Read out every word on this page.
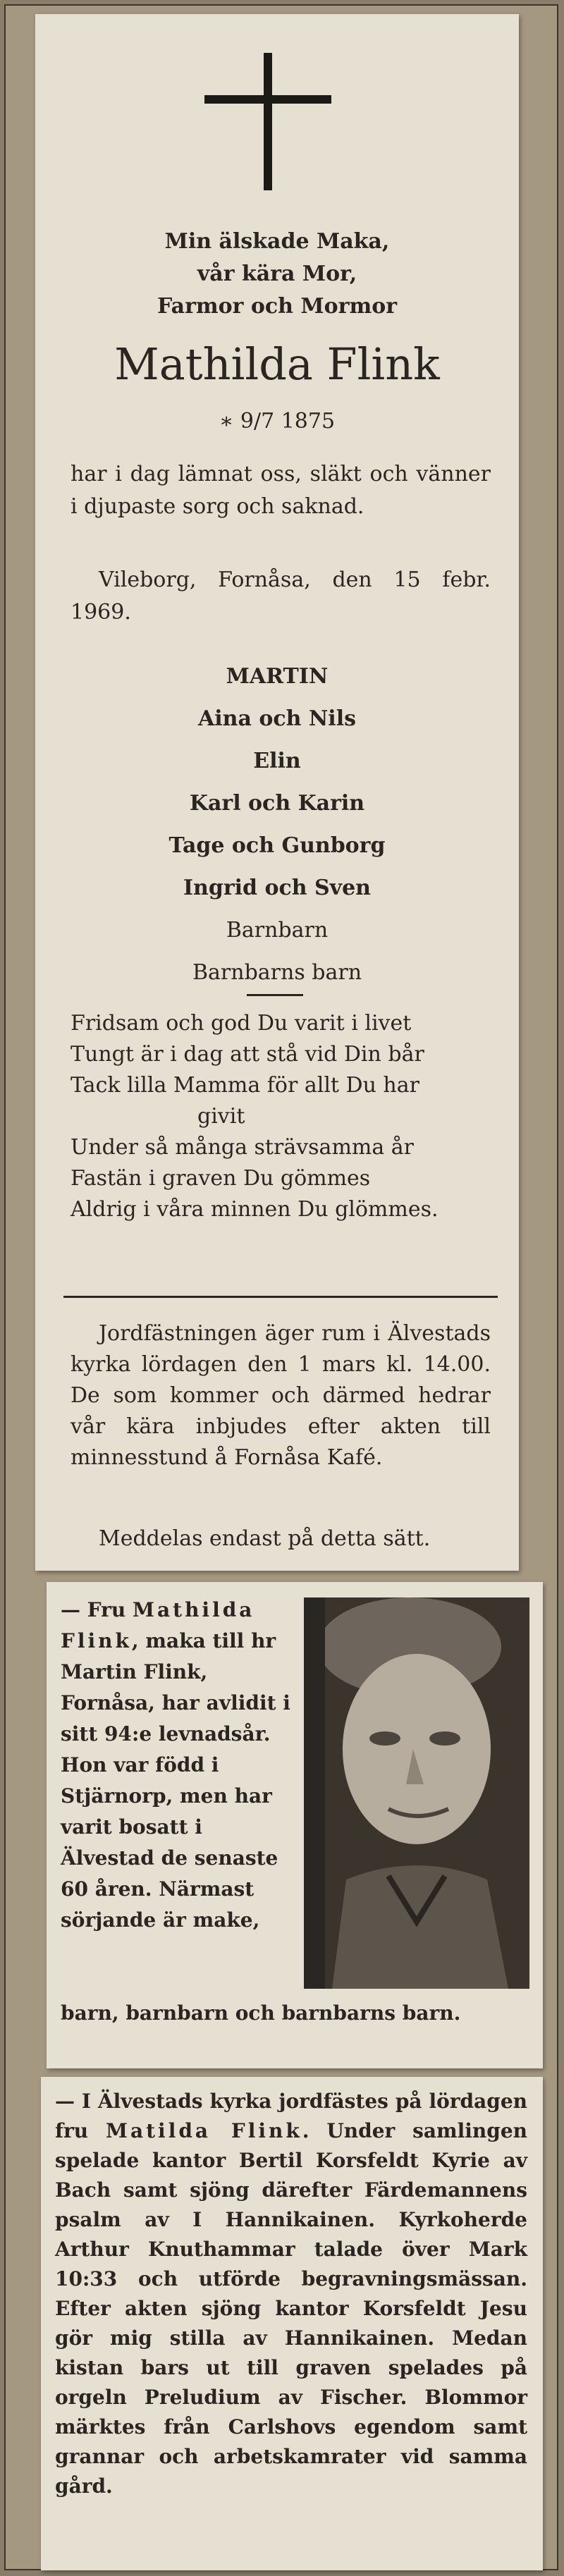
Min älskade Maka,
vår kära Mor,
Farmor och Mormor
Mathilda Flink
∗ 9/7 1875
har i dag lämnat oss, släkt och vänner i djupaste sorg och saknad.
Vileborg, Fornåsa, den 15 febr. 1969.
MARTIN
Aina och Nils
Elin
Karl och Karin
Tage och Gunborg
Ingrid och Sven
Barnbarn
Barnbarns barn
Fridsam och god Du varit i livet
Tungt är i dag att stå vid Din bår
Tack lilla Mamma för allt Du har
givit
Under så många strävsamma år
Fastän i graven Du gömmes
Aldrig i våra minnen Du glömmes.
Jordfästningen äger rum i Älvestads kyrka lördagen den 1 mars kl. 14.00. De som kommer och därmed hedrar vår kära inbjudes efter akten till minnesstund å Fornåsa Kafé.
Meddelas endast på detta sätt.
— Fru Mathilda Flink, maka till hr Martin Flink, Fornåsa, har avlidit i sitt 94:e levnadsår. Hon var född i Stjärnorp, men har varit bosatt i Älvestad de senaste 60 åren. Närmast sörjande är make,
barn, barnbarn och barnbarns barn.
— I Älvestads kyrka jordfästes på lördagen fru Matilda Flink. Under samlingen spelade kantor Bertil Korsfeldt Kyrie av Bach samt sjöng därefter Färdemannens psalm av I Hannikainen. Kyrkoherde Arthur Knuthammar talade över Mark 10:33 och utförde begravningsmässan. Efter akten sjöng kantor Korsfeldt Jesu gör mig stilla av Hannikainen. Medan kistan bars ut till graven spelades på orgeln Preludium av Fischer. Blommor märktes från Carlshovs egendom samt grannar och arbetskamrater vid samma gård.
